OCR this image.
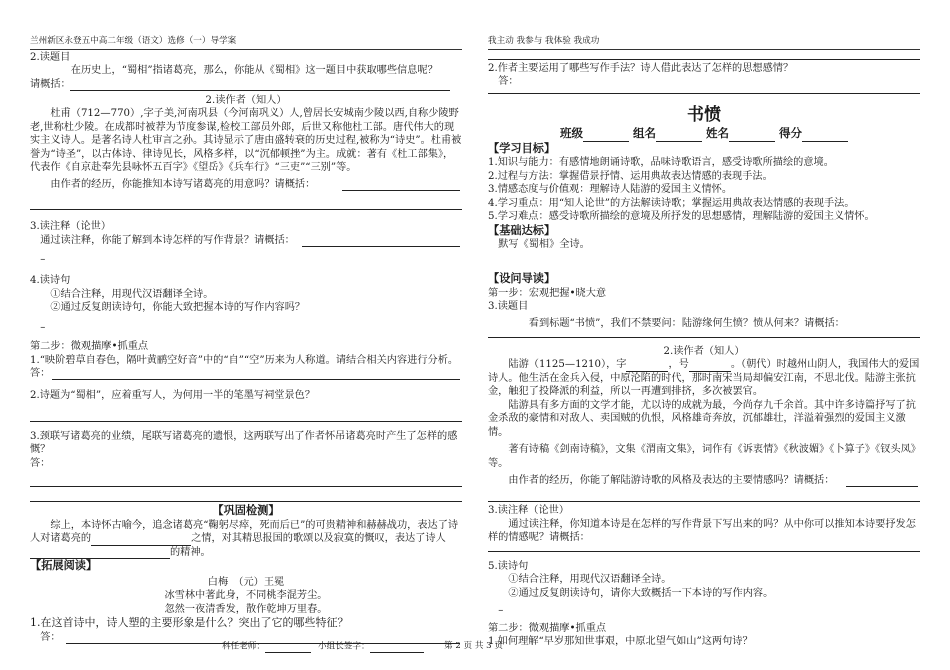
兰州新区永登五中高二年级（语文）选修（一）导学案

2.读题目

在历史上，“蜀相”指诸葛亮，那么，你能从《蜀相》这一题目中获取哪些信息呢？

请概括：

2.读作者（知人）

杜甫（712—770）,字子美,河南巩县（今河南巩义）人,曾居长安城南少陵以西,自称少陵野老,世称杜少陵。在成都时被荐为节度参谋,检校工部员外郎，后世又称他杜工部。唐代伟大的现实主义诗人。是著名诗人杜审言之孙。其诗显示了唐由盛转衰的历史过程,被称为“诗史”。杜甫被誉为“诗圣”，以古体诗、律诗见长，风格多样，以“沉郁顿挫”为主。成就：著有《杜工部集》，代表作《自京赴奉先县咏怀五百字》《望岳》《兵车行》“三吏”“三别”等。

由作者的经历，你能推知本诗写诸葛亮的用意吗？请概括：

3.读注释（论世）

通过读注释，你能了解到本诗怎样的写作背景？请概括：

–

4.读诗句

①结合注释，用现代汉语翻译全诗。

②通过反复朗读诗句，你能大致把握本诗的写作内容吗？

–

第二步：微观描摩•抓重点

1.“映阶碧草自春色，隔叶黄鹂空好音”中的“自”“空”历来为人称道。请结合相关内容进行分析。

答：

2.诗题为“蜀相”，应着重写人，为何用一半的笔墨写祠堂景色？

3.颈联写诸葛亮的业绩，尾联写诸葛亮的遗恨，这两联写出了作者怀吊诸葛亮时产生了怎样的感慨？

答：

【巩固检测】

综上，本诗怀古喻今，追念诸葛亮“鞠躬尽瘁，死而后已”的可贵精神和赫赫战功，表达了诗人对诸葛亮的	之情，对其精思报国的歌颂以及寂寞的慨叹，表达了诗人的精神。

【拓展阅读】

白梅　（元）王冕

冰雪林中著此身，不同桃李混芳尘。

忽然一夜清香发，散作乾坤万里春。

1.在这首诗中，诗人塑的主要形象是什么？突出了它的哪些特征？

答：
我主动 我参与 我体验 我成功

2.作者主要运用了哪些写作手法？诗人借此表达了怎样的思想感情？

答：

书愤

班级	组名	姓名	得分

【学习目标】

1.知识与能力：有感情地朗诵诗歌，品味诗歌语言，感受诗歌所描绘的意境。

2.过程与方法：掌握借景抒情、运用典故表达情感的表现手法。

3.情感态度与价值观：理解诗人陆游的爱国主义情怀。

4.学习重点：用“知人论世”的方法解读诗歌；掌握运用典故表达情感的表现手法。

5.学习难点：感受诗歌所描绘的意境及所抒发的思想感情，理解陆游的爱国主义情怀。

【基础达标】

默写《蜀相》全诗。

【设问导读】

第一步：宏观把握•晓大意

3.读题目

看到标题“书愤”，我们不禁要问：陆游缘何生愤？愤从何来？请概括：

2.读作者（知人）

陆游（1125—1210），字	，号	。（朝代）时越州山阴人，我国伟大的爱国诗人。他生活在金兵入侵，中原沦陷的时代，那时南宋当局却偏安江南，不思北伐。陆游主张抗金，触犯了投降派的利益，所以一再遭到排挤，多次被罢官。

陆游具有多方面的文学才能，尤以诗的成就为最，今尚存九千余首。其中许多诗篇抒写了抗金杀敌的豪情和对敌人、卖国贼的仇恨，风格雄奇奔放，沉郁雄壮，洋溢着强烈的爱国主义激情。

著有诗稿《剑南诗稿》，文集《渭南文集》，词作有《诉衷情》《秋波媚》《卜算子》《钗头凤》等。

由作者的经历，你能了解陆游诗歌的风格及表达的主要情感吗？请概括：

3.读注释（论世）

通过读注释，你知道本诗是在怎样的写作背景下写出来的吗？从中你可以推知本诗要抒发怎样的情感呢？请概括：

5.读诗句

①结合注释，用现代汉语翻译全诗。

②通过反复朗读诗句，请你大致概括一下本诗的写作内容。

–

第二步：微观描摩•抓重点

1.如何理解“早岁那知世事艰，中原北望气如山”这两句诗？

科任老师：	小组长签字：	第 2 页 共 3 页
